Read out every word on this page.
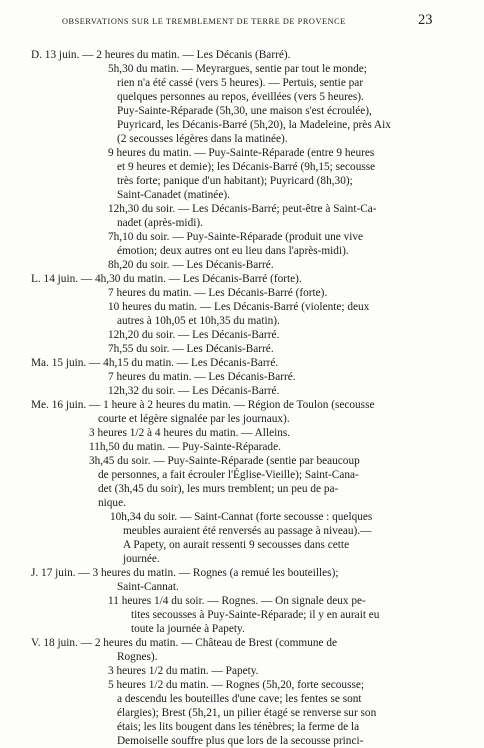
OBSERVATIONS SUR LE TREMBLEMENT DE TERRE DE PROVENCE	23
D. 13 juin. — 2 heures du matin. — Les Décanis (Barré).
5h,30 du matin. — Meyrargues, sentie par tout le monde;
rien n'a été cassé (vers 5 heures). — Pertuis, sentie par
quelques personnes au repos, éveillées (vers 5 heures).
Puy-Sainte-Réparade (5h,30, une maison s'est écroulée),
Puyricard, les Décanis-Barré (5h,20), la Madeleine, près Aix
(2 secousses légères dans la matinée).
9 heures du matin. — Puy-Sainte-Réparade (entre 9 heures
et 9 heures et demie); les Décanis-Barré (9h,15; secousse
très forte; panique d'un habitant); Puyricard (8h,30);
Saint-Canadet (matinée).
12h,30 du soir. — Les Décanis-Barré; peut-être à Saint-Ca-
nadet (après-midi).
7h,10 du soir. — Puy-Sainte-Réparade (produit une vive
émotion; deux autres ont eu lieu dans l'après-midi).
8h,20 du soir. — Les Décanis-Barré.
L. 14 juin. — 4h,30 du matin. — Les Décanis-Barré (forte).
7 heures du matin. — Les Décanis-Barré (forte).
10 heures du matin. — Les Décanis-Barré (violente; deux
autres à 10h,05 et 10h,35 du matin).
12h,20 du soir. — Les Décanis-Barré.
7h,55 du soir. — Les Décanis-Barré.
Ma. 15 juin. — 4h,15 du matin. — Les Décanis-Barré.
7 heures du matin. — Les Décanis-Barré.
12h,32 du soir. — Les Décanis-Barré.
Me. 16 juin. — 1 heure à 2 heures du matin. — Région de Toulon (secousse
courte et légère signalée par les journaux).
3 heures 1/2 à 4 heures du matin. — Alleins.
11h,50 du matin. — Puy-Sainte-Réparade.
3h,45 du soir. — Puy-Sainte-Réparade (sentie par beaucoup
de personnes, a fait écrouler l'Église-Vieille); Saint-Cana-
det (3h,45 du soir), les murs tremblent; un peu de pa-
nique.
10h,34 du soir. — Saint-Cannat (forte secousse : quelques
meubles auraient été renversés au passage à niveau).—
A Papety, on aurait ressenti 9 secousses dans cette
journée.
J. 17 juin. — 3 heures du matin. — Rognes (a remué les bouteilles);
Saint-Cannat.
11 heures 1/4 du soir. — Rognes. — On signale deux pe-
tites secousses à Puy-Sainte-Réparade; il y en aurait eu
toute la journée à Papety.
V. 18 juin. — 2 heures du matin. — Château de Brest (commune de
Rognes).
3 heures 1/2 du matin. — Papety.
5 heures 1/2 du matin. — Rognes (5h,20, forte secousse;
a descendu les bouteilles d'une cave; les fentes se sont
élargies); Brest (5h,21, un pilier étagé se renverse sur son
étais; les lits bougent dans les ténèbres; la ferme de la
Demoiselle souffre plus que lors de la secousse princi-
